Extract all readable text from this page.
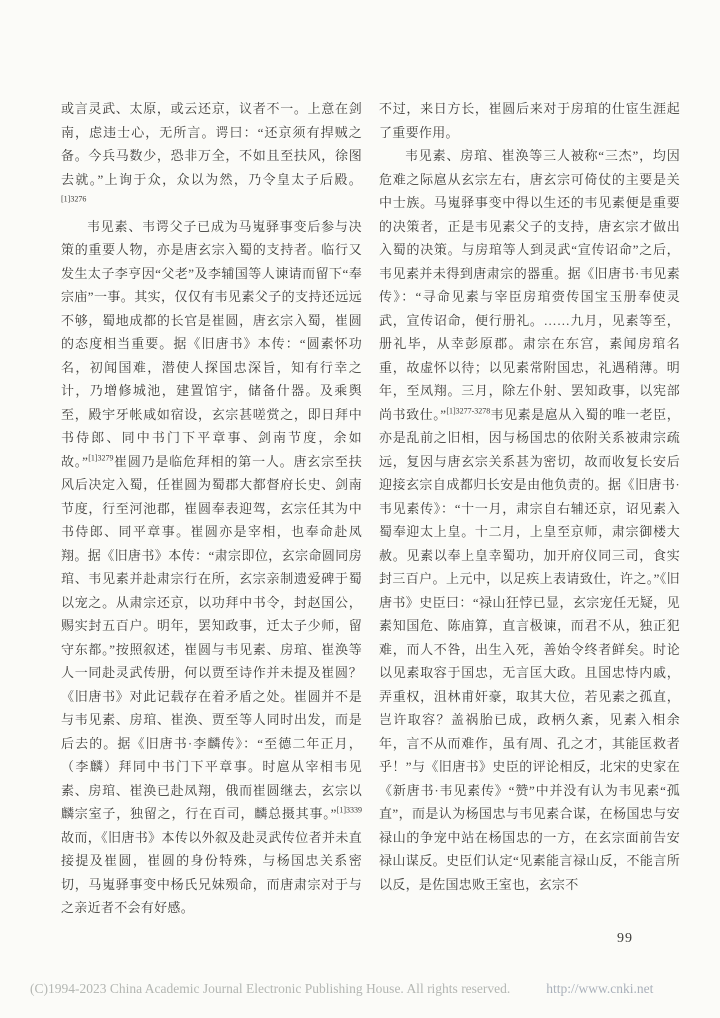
或言灵武、太原，或云还京，议者不一。上意在剑南，虑违士心，无所言。谔曰：“还京须有捍贼之备。今兵马数少，恐非万全，不如且至扶风，徐图去就。”上询于众，众以为然，乃令皇太子后殿。$^{[1]3276}$

韦见素、韦谔父子已成为马嵬驿事变后参与决策的重要人物，亦是唐玄宗入蜀的支持者。临行又发生太子李亨因“父老”及李辅国等人谏请而留下“奉宗庙”一事。其实，仅仅有韦见素父子的支持还远远不够，蜀地成都的长官是崔圆，唐玄宗入蜀，崔圆的态度相当重要。据《旧唐书》本传：“圆素怀功名，初闻国难，潜使人探国忠深旨，知有行幸之计，乃增修城池，建置馆宇，储备什器。及乘舆至，殿宇牙帐咸如宿设，玄宗甚嗟赏之，即日拜中书侍郎、同中书门下平章事、剑南节度，余如故。”$^{[1]3279}$崔圆乃是临危拜相的第一人。唐玄宗至扶风后决定入蜀，任崔圆为蜀郡大都督府长史、剑南节度，行至河池郡，崔圆奉表迎驾，玄宗任其为中书侍郎、同平章事。崔圆亦是宰相，也奉命赴凤翔。据《旧唐书》本传：“肃宗即位，玄宗命圆同房琯、韦见素并赴肃宗行在所，玄宗亲制遗爱碑于蜀以宠之。从肃宗还京，以功拜中书令，封赵国公，赐实封五百户。明年，罢知政事，迁太子少师，留守东都。”按照叙述，崔圆与韦见素、房琯、崔涣等人一同赴灵武传册，何以贾至诗作并未提及崔圆？《旧唐书》对此记载存在着矛盾之处。崔圆并不是与韦见素、房琯、崔涣、贾至等人同时出发，而是后去的。据《旧唐书·李麟传》：“至德二年正月，（李麟）拜同中书门下平章事。时扈从宰相韦见素、房琯、崔涣已赴凤翔，俄而崔圆继去，玄宗以麟宗室子，独留之，行在百司，麟总摄其事。”$^{[1]3339}$故而，《旧唐书》本传以外叙及赴灵武传位者并未直接提及崔圆，崔圆的身份特殊，与杨国忠关系密切，马嵬驿事变中杨氏兄妹殒命，而唐肃宗对于与之亲近者不会有好感。

不过，来日方长，崔圆后来对于房琯的仕宦生涯起了重要作用。

韦见素、房琯、崔涣等三人被称“三杰”，均因危难之际扈从玄宗左右，唐玄宗可倚仗的主要是关中士族。马嵬驿事变中得以生还的韦见素便是重要的决策者，正是韦见素父子的支持，唐玄宗才做出入蜀的决策。与房琯等人到灵武“宣传诏命”之后，韦见素并未得到唐肃宗的器重。据《旧唐书·韦见素传》：“寻命见素与宰臣房琯赍传国宝玉册奉使灵武，宣传诏命，便行册礼。……九月，见素等至，册礼毕，从幸彭原郡。肃宗在东宫，素闻房琯名重，故虚怀以待；以见素常附国忠，礼遇稍薄。明年，至凤翔。三月，除左仆射、罢知政事，以宪部尚书致仕。”$^{[1]3277-3278}$韦见素是扈从入蜀的唯一老臣，亦是乱前之旧相，因与杨国忠的依附关系被肃宗疏远，复因与唐玄宗关系甚为密切，故而收复长安后迎接玄宗自成都归长安是由他负责的。据《旧唐书·韦见素传》：“十一月，肃宗自右辅还京，诏见素入蜀奉迎太上皇。十二月，上皇至京师，肃宗御楼大赦。见素以奉上皇幸蜀功，加开府仪同三司，食实封三百户。上元中，以足疾上表请致仕，许之。”《旧唐书》史臣曰：“禄山狂悖已显，玄宗宠任无疑，见素知国危、陈庙算，直言极谏，而君不从，独正犯难，而人不咎，出生入死，善始令终者鲜矣。时论以见素取容于国忠，无言匡大政。且国忠恃内戚，弄重权，沮林甫奸豪，取其大位，若见素之孤直，岂许取容？盖祸胎已成，政柄久紊，见素入相余年，言不从而难作，虽有周、孔之才，其能匡救者乎！”与《旧唐书》史臣的评论相反，北宋的史家在《新唐书·韦见素传》“赞”中并没有认为韦见素“孤直”，而是认为杨国忠与韦见素合谋，在杨国忠与安禄山的争宠中站在杨国忠的一方，在玄宗面前告安禄山谋反。史臣们认定“见素能言禄山反，不能言所以反，是佐国忠败王室也，玄宗不

99
(C)1994-2023 China Academic Journal Electronic Publishing House. All rights reserved.	http://www.cnki.net
